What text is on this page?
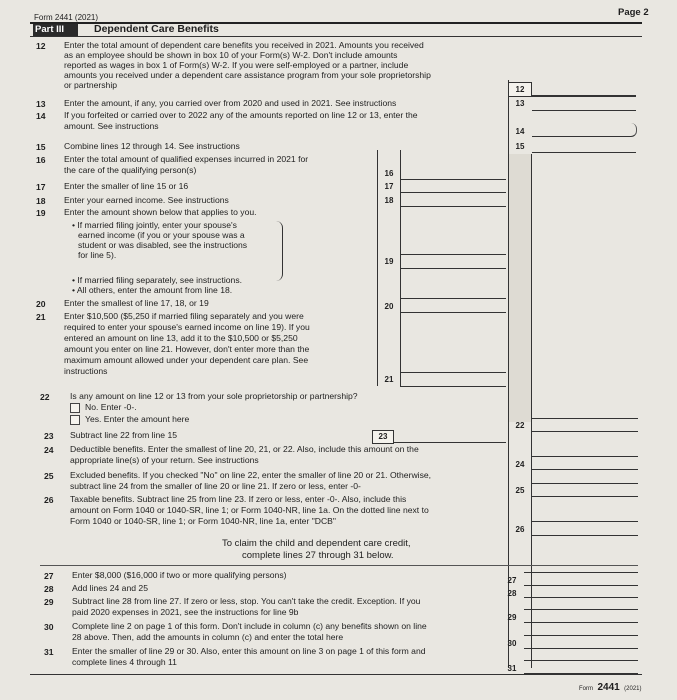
Form 2441 (2021)	Page 2
Part III	Dependent Care Benefits
12 Enter the total amount of dependent care benefits you received in 2021. Amounts you received
as an employee should be shown in box 10 of your Form(s) W-2. Don't include amounts
reported as wages in box 1 of Form(s) W-2. If you were self-employed or a partner, include
amounts you received under a dependent care assistance program from your sole proprietorship
or partnership	12
13 Enter the amount, if any, you carried over from 2020 and used in 2021. See instructions	13
14 If you forfeited or carried over to 2022 any of the amounts reported on line 12 or 13, enter the
amount. See instructions
14
15 Combine lines 12 through 14. See instructions	15
16 Enter the total amount of qualified expenses incurred in 2021 for
the care of the qualifying person(s)	16
17 Enter the smaller of line 15 or 16	17
18 Enter your earned income. See instructions	18
19 Enter the amount shown below that applies to you.
• If married filing jointly, enter your spouse's
earned income (if you or your spouse was a
student or was disabled, see the instructions
for line 5).
• If married filing separately, see instructions.
• All others, enter the amount from line 18.
19
20 Enter the smallest of line 17, 18, or 19	20
21 Enter $10,500 ($5,250 if married filing separately and you were
required to enter your spouse's earned income on line 19). If you
entered an amount on line 13, add it to the $10,500 or $5,250
amount you enter on line 21. However, don't enter more than the
maximum amount allowed under your dependent care plan. See
instructions
21
22 Is any amount on line 12 or 13 from your sole proprietorship or partnership?
No. Enter -0-.
Yes. Enter the amount here
22
23 Subtract line 22 from line 15	23
24 Deductible benefits. Enter the smallest of line 20, 21, or 22. Also, include this amount on the
appropriate line(s) of your return. See instructions	24
25 Excluded benefits. If you checked "No" on line 22, enter the smaller of line 20 or 21. Otherwise,
subtract line 24 from the smaller of line 20 or line 21. If zero or less, enter -0-	25
26 Taxable benefits. Subtract line 25 from line 23. If zero or less, enter -0-. Also, include this
amount on Form 1040 or 1040-SR, line 1; or Form 1040-NR, line 1a. On the dotted line next to
Form 1040 or 1040-SR, line 1; or Form 1040-NR, line 1a, enter "DCB"
26
To claim the child and dependent care credit,
complete lines 27 through 31 below.
27 Enter $8,000 ($16,000 if two or more qualifying persons)
27
28 Add lines 24 and 25
28
29 Subtract line 28 from line 27. If zero or less, stop. You can't take the credit. Exception. If you
paid 2020 expenses in 2021, see the instructions for line 9b
29
30 Complete line 2 on page 1 of this form. Don't include in column (c) any benefits shown on line
28 above. Then, add the amounts in column (c) and enter the total here
30
31 Enter the smaller of line 29 or 30. Also, enter this amount on line 3 on page 1 of this form and
complete lines 4 through 11
31
Form 2441 (2021)
